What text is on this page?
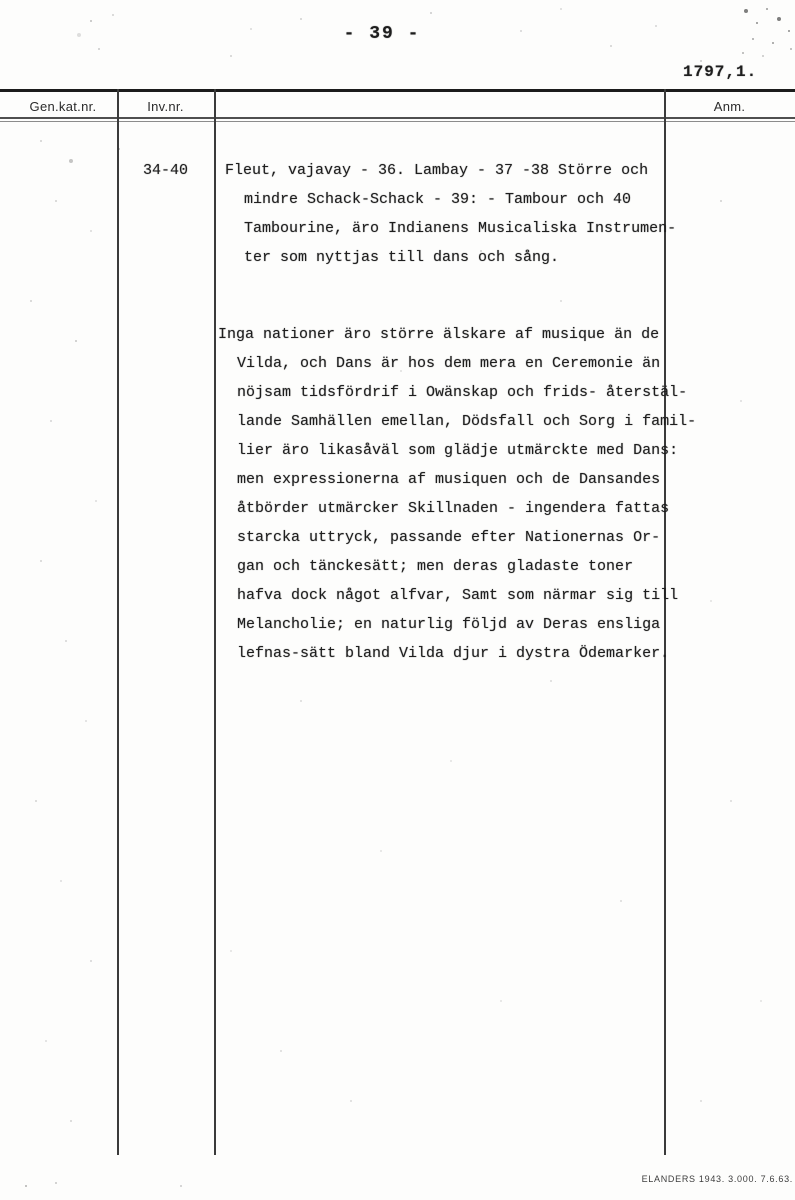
- 39 -
1797,1.
Gen.kat.nr.	Inv.nr.	Anm.
34-40 Fleut, vajavay - 36. Lambay - 37 -38 Större och
mindre Schack-Schack - 39: - Tambour och 40
Tambourine, äro Indianens Musicaliska Instrumen-
ter som nyttjas till dans och sång.
Inga nationer äro större älskare af musique än de
Vilda, och Dans är hos dem mera en Ceremonie än
nöjsam tidsfördrif i Owänskap och frids- återstäl-
lande Samhällen emellan, Dödsfall och Sorg i famil-
lier äro likasåväl som glädje utmärckte med Dans:
men expressionerna af musiquen och de Dansandes
åtbörder utmärcker Skillnaden - ingendera fattas
starcka uttryck, passande efter Nationernas Or-
gan och tänckesätt; men deras gladaste toner
hafva dock något alfvar, Samt som närmar sig till
Melancholie; en naturlig följd av Deras ensliga
lefnas-sätt bland Vilda djur i dystra Ödemarker.
ELANDERS 1943. 3.000. 7.6.63.
